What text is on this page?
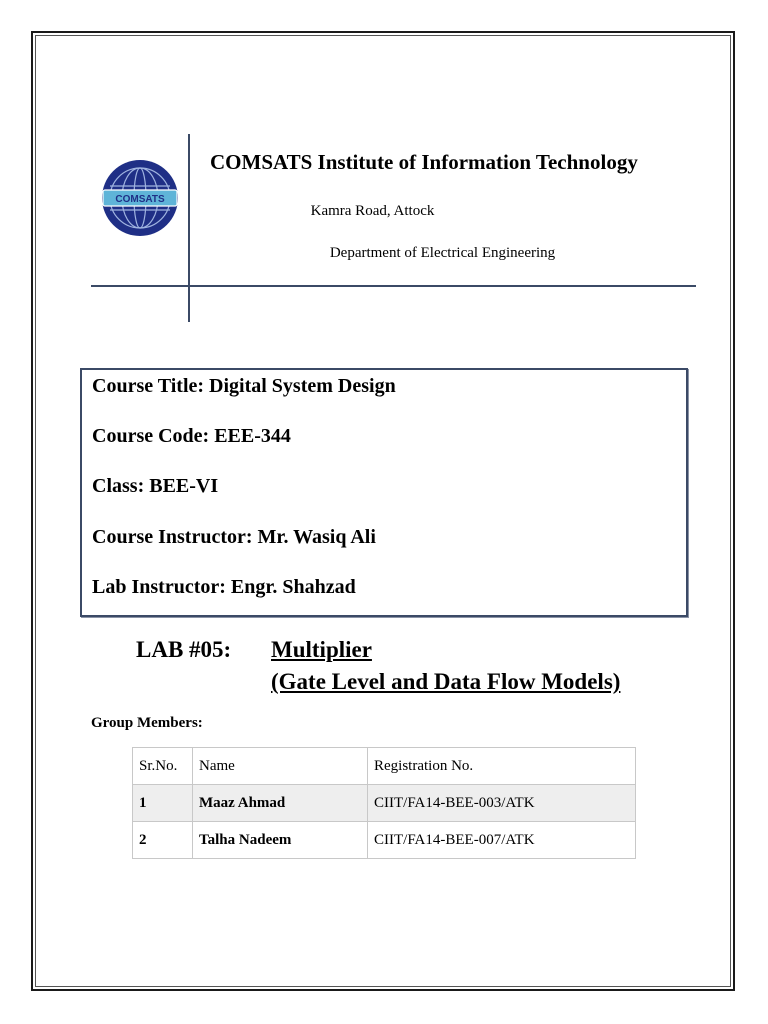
COMSATS
COMSATS Institute of Information Technology
Kamra Road, Attock
Department of Electrical Engineering
Course Title: Digital System Design
Course Code: EEE-344
Class: BEE-VI
Course Instructor: Mr. Wasiq Ali
Lab Instructor: Engr. Shahzad
LAB #05: Multiplier
(Gate Level and Data Flow Models)
Group Members:
Sr.No.	Name	Registration No.
1	Maaz Ahmad	CIIT/FA14-BEE-003/ATK
2	Talha Nadeem	CIIT/FA14-BEE-007/ATK
